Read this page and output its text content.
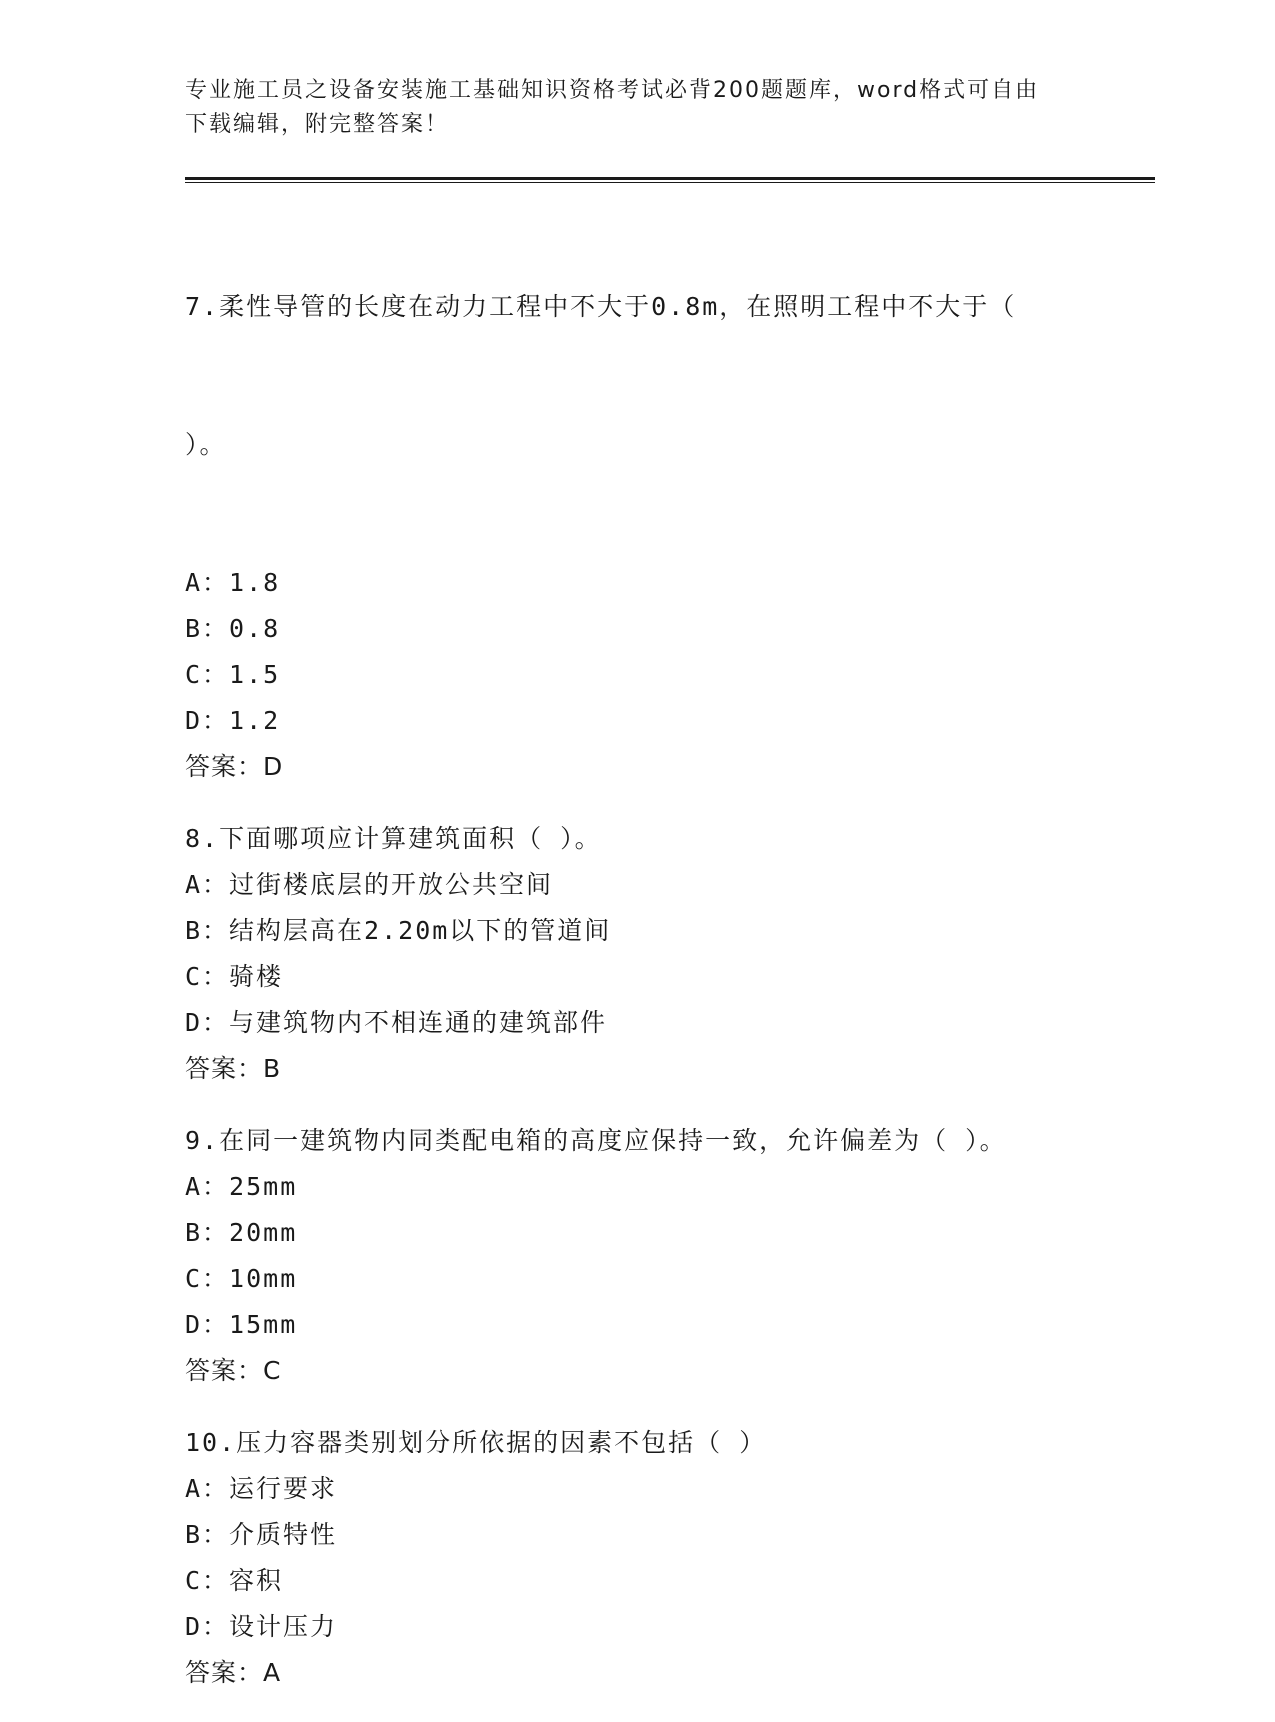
专业施工员之设备安装施工基础知识资格考试必背200题题库，word格式可自由
下载编辑，附完整答案！

7.柔性导管的长度在动力工程中不大于0.8m，在照明工程中不大于（

）。

A：1.8
B：0.8
C：1.5
D：1.2
答案：D
8.下面哪项应计算建筑面积（ ）。
A：过街楼底层的开放公共空间
B：结构层高在2.20m以下的管道间
C：骑楼
D：与建筑物内不相连通的建筑部件
答案：B
9.在同一建筑物内同类配电箱的高度应保持一致，允许偏差为（ ）。
A：25mm
B：20mm
C：10mm
D：15mm
答案：C
10.压力容器类别划分所依据的因素不包括（ ）
A：运行要求
B：介质特性
C：容积
D：设计压力
答案：A
